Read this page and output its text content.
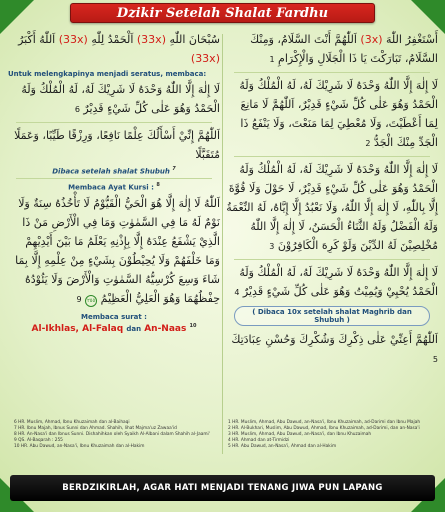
Dzikir Setelah Shalat Fardhu
سُبْحَانَ اللّٰهِ (33x) اَلْحَمْدُ لِلّٰهِ (33x) اَللّٰهُ أَكْبَرُ (33x)
Untuk melengkapinya menjadi seratus, membaca:
لَا إِلٰهَ إِلَّا اللّٰهُ وَحْدَهُ لَا شَرِيْكَ لَهُ، لَهُ الْمُلْكُ وَلَهُ الْحَمْدُ وَهُوَ عَلٰى كُلِّ شَيْءٍ قَدِيْرٌ 6
اَللّٰهُمَّ إِنِّيْ أَسْأَلُكَ عِلْمًا نَافِعًا، وَرِزْقًا طَيِّبًا، وَعَمَلًا مُتَقَبَّلًا
Dibaca setelah shalat Shubuh $^7$
Membaca Ayat Kursi : $^8$
اَللّٰهُ لَا إِلٰهَ إِلَّا هُوَ الْحَيُّ الْقَيُّوْمُ لَا تَأْخُذُهُ سِنَةٌ وَلَا نَوْمٌ لَهُ مَا فِي السَّمٰوٰتِ وَمَا فِي الْأَرْضِ مَنْ ذَا الَّذِيْ يَشْفَعُ عِنْدَهُ إِلَّا بِإِذْنِهِ يَعْلَمُ مَا بَيْنَ أَيْدِيْهِمْ وَمَا خَلْفَهُمْ وَلَا يُحِيْطُوْنَ بِشَيْءٍ مِنْ عِلْمِهِ إِلَّا بِمَا شَاءَ وَسِعَ كُرْسِيُّهُ السَّمٰوٰتِ وَالْأَرْضَ وَلَا يَئُوْدُهُ حِفْظُهُمَا وَهُوَ الْعَلِيُّ الْعَظِيْمُ ٢٥٥ 9
Membaca surat :
Al-Ikhlas, Al-Falaq dan An-Naas $^{10}$
أَسْتَغْفِرُ اللّٰهَ (3x) اَللّٰهُمَّ أَنْتَ السَّلَامُ، وَمِنْكَ السَّلَامُ، تَبَارَكْتَ يَا ذَا الْجَلَالِ وَالْإِكْرَامِ 1
لَا إِلٰهَ إِلَّا اللّٰهُ وَحْدَهُ لَا شَرِيْكَ لَهُ، لَهُ الْمُلْكُ وَلَهُ الْحَمْدُ وَهُوَ عَلٰى كُلِّ شَيْءٍ قَدِيْرٌ، اَللّٰهُمَّ لَا مَانِعَ لِمَا أَعْطَيْتَ، وَلَا مُعْطِيَ لِمَا مَنَعْتَ، وَلَا يَنْفَعُ ذَا الْجَدِّ مِنْكَ الْجَدُّ 2
لَا إِلٰهَ إِلَّا اللّٰهُ وَحْدَهُ لَا شَرِيْكَ لَهُ، لَهُ الْمُلْكُ وَلَهُ الْحَمْدُ وَهُوَ عَلٰى كُلِّ شَيْءٍ قَدِيْرٌ، لَا حَوْلَ وَلَا قُوَّةَ إِلَّا بِاللّٰهِ، لَا إِلٰهَ إِلَّا اللّٰهُ، وَلَا نَعْبُدُ إِلَّا إِيَّاهُ، لَهُ النِّعْمَةُ وَلَهُ الْفَضْلُ وَلَهُ الثَّنَاءُ الْحَسَنُ، لَا إِلٰهَ إِلَّا اللّٰهُ مُخْلِصِيْنَ لَهُ الدِّيْنَ وَلَوْ كَرِهَ الْكَافِرُوْنَ 3
لَا إِلٰهَ إِلَّا اللّٰهُ وَحْدَهُ لَا شَرِيْكَ لَهُ، لَهُ الْمُلْكُ وَلَهُ الْحَمْدُ يُحْيِيْ وَيُمِيْتُ وَهُوَ عَلٰى كُلِّ شَيْءٍ قَدِيْرٌ 4
( Dibaca 10x setelah shalat Maghrib dan Shubuh )
اَللّٰهُمَّ أَعِنِّيْ عَلٰى ذِكْرِكَ وَشُكْرِكَ وَحُسْنِ عِبَادَتِكَ 5
6 HR. Muslim, Ahmad, Ibnu Khuzaimah dan al-Baihaqi
7 HR. Ibnu Majah, Ibnus Sunni dan Ahmad. Shahih, lihat Majma'uz Zawaa'id
8 HR. An-Nasa'i dan Ibnus Sunni. Dishahihkan oleh Syaikh Al-Albani dalam Shahih al-Jaami'
9 QS. Al-Baqarah : 255
10 HR. Abu Dawud, an-Nasa'i, Ibnu Khuzaimah dan al-Hakim
1 HR. Muslim, Ahmad, Abu Dawud, an-Nasa'i, Ibnu Khuzaimah, ad-Darimi dan Ibnu Majah
2 HR. Al-Bukhari, Muslim, Abu Dawud, Ahmad, Ibnu Khuzaimah, ad-Darimi, dan an-Nasa'i
3 HR. Muslim, Ahmad, Abu Dawud, an-Nasa'i, dan Ibnu Khuzaimah
4 HR. Ahmad dan at-Tirmidzi
5 HR. Abu Dawud, an-Nasa'i, Ahmad dan al-Hakim
BERDZIKIRLAH, AGAR HATI MENJADI TENANG JIWA PUN LAPANG
